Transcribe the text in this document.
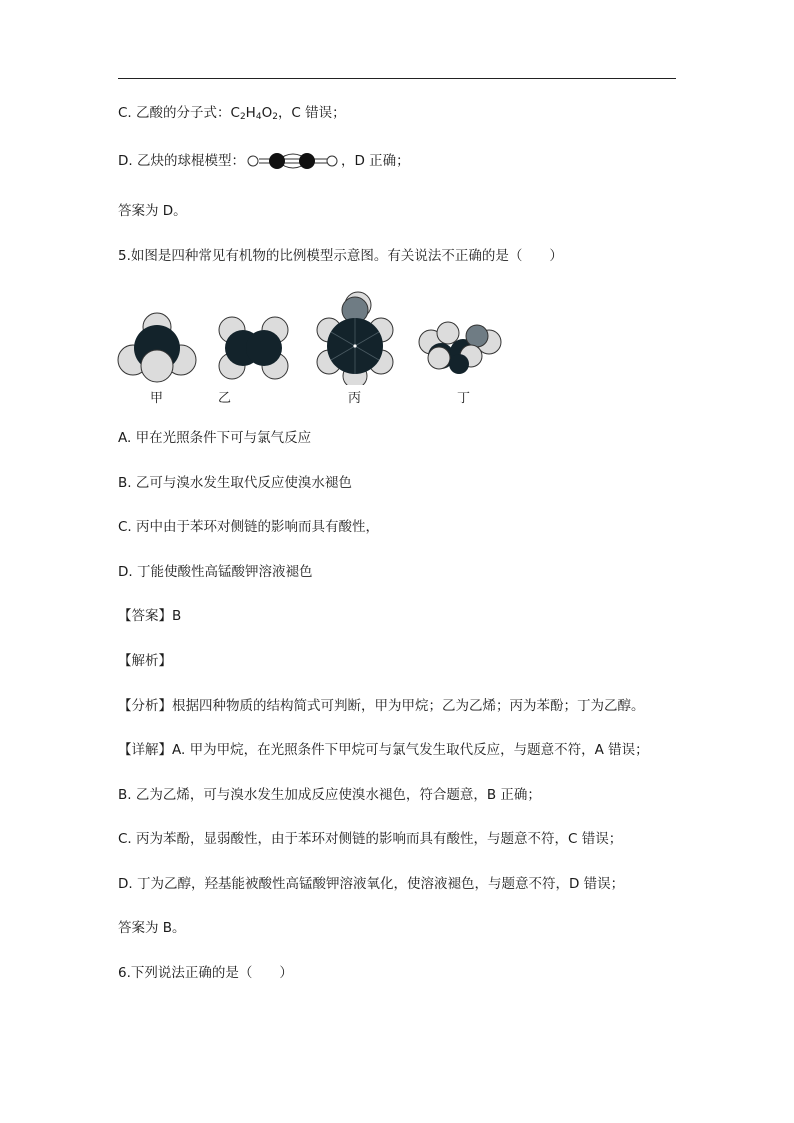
C. 乙酸的分子式：$C_2H_4O_2$，C 错误；
D. 乙炔的球棍模型：	，D 正确；
答案为 D。
5.如图是四种常见有机物的比例模型示意图。有关说法不正确的是（　　）
甲	乙	丙	丁
A. 甲在光照条件下可与氯气反应
B. 乙可与溴水发生取代反应使溴水褪色
C. 丙中由于苯环对侧链的影响而具有酸性，
D. 丁能使酸性高锰酸钾溶液褪色
【答案】B
【解析】
【分析】根据四种物质的结构简式可判断，甲为甲烷；乙为乙烯；丙为苯酚；丁为乙醇。
【详解】A. 甲为甲烷，在光照条件下甲烷可与氯气发生取代反应，与题意不符，A 错误；
B. 乙为乙烯，可与溴水发生加成反应使溴水褪色，符合题意，B 正确；
C. 丙为苯酚，显弱酸性，由于苯环对侧链的影响而具有酸性，与题意不符，C 错误；
D. 丁为乙醇，羟基能被酸性高锰酸钾溶液氧化，使溶液褪色，与题意不符，D 错误；
答案为 B。
6.下列说法正确的是（　　）
